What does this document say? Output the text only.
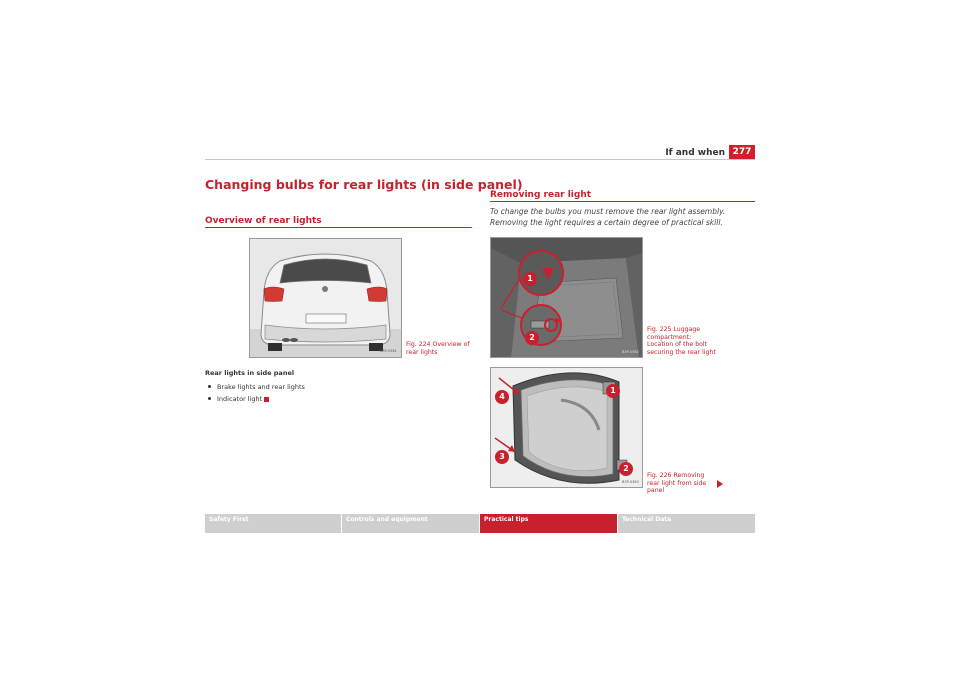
If and when 277
Changing bulbs for rear lights (in side panel)
Overview of rear lights
B3P-0361
Fig. 224 Overview of rear lights
Rear lights in side panel
Brake lights and rear lights
Indicator light
Removing rear light
To change the bulbs you must remove the rear light assembly. Removing the light requires a certain degree of practical skill.
1
2
B3P-0362
Fig. 225 Luggage compartment: Location of the bolt securing the rear light
1
2
3
4
B3P-0363
Fig. 226 Removing rear light from side panel
Safety First	Controls and equipment	Practical tips	Technical Data
